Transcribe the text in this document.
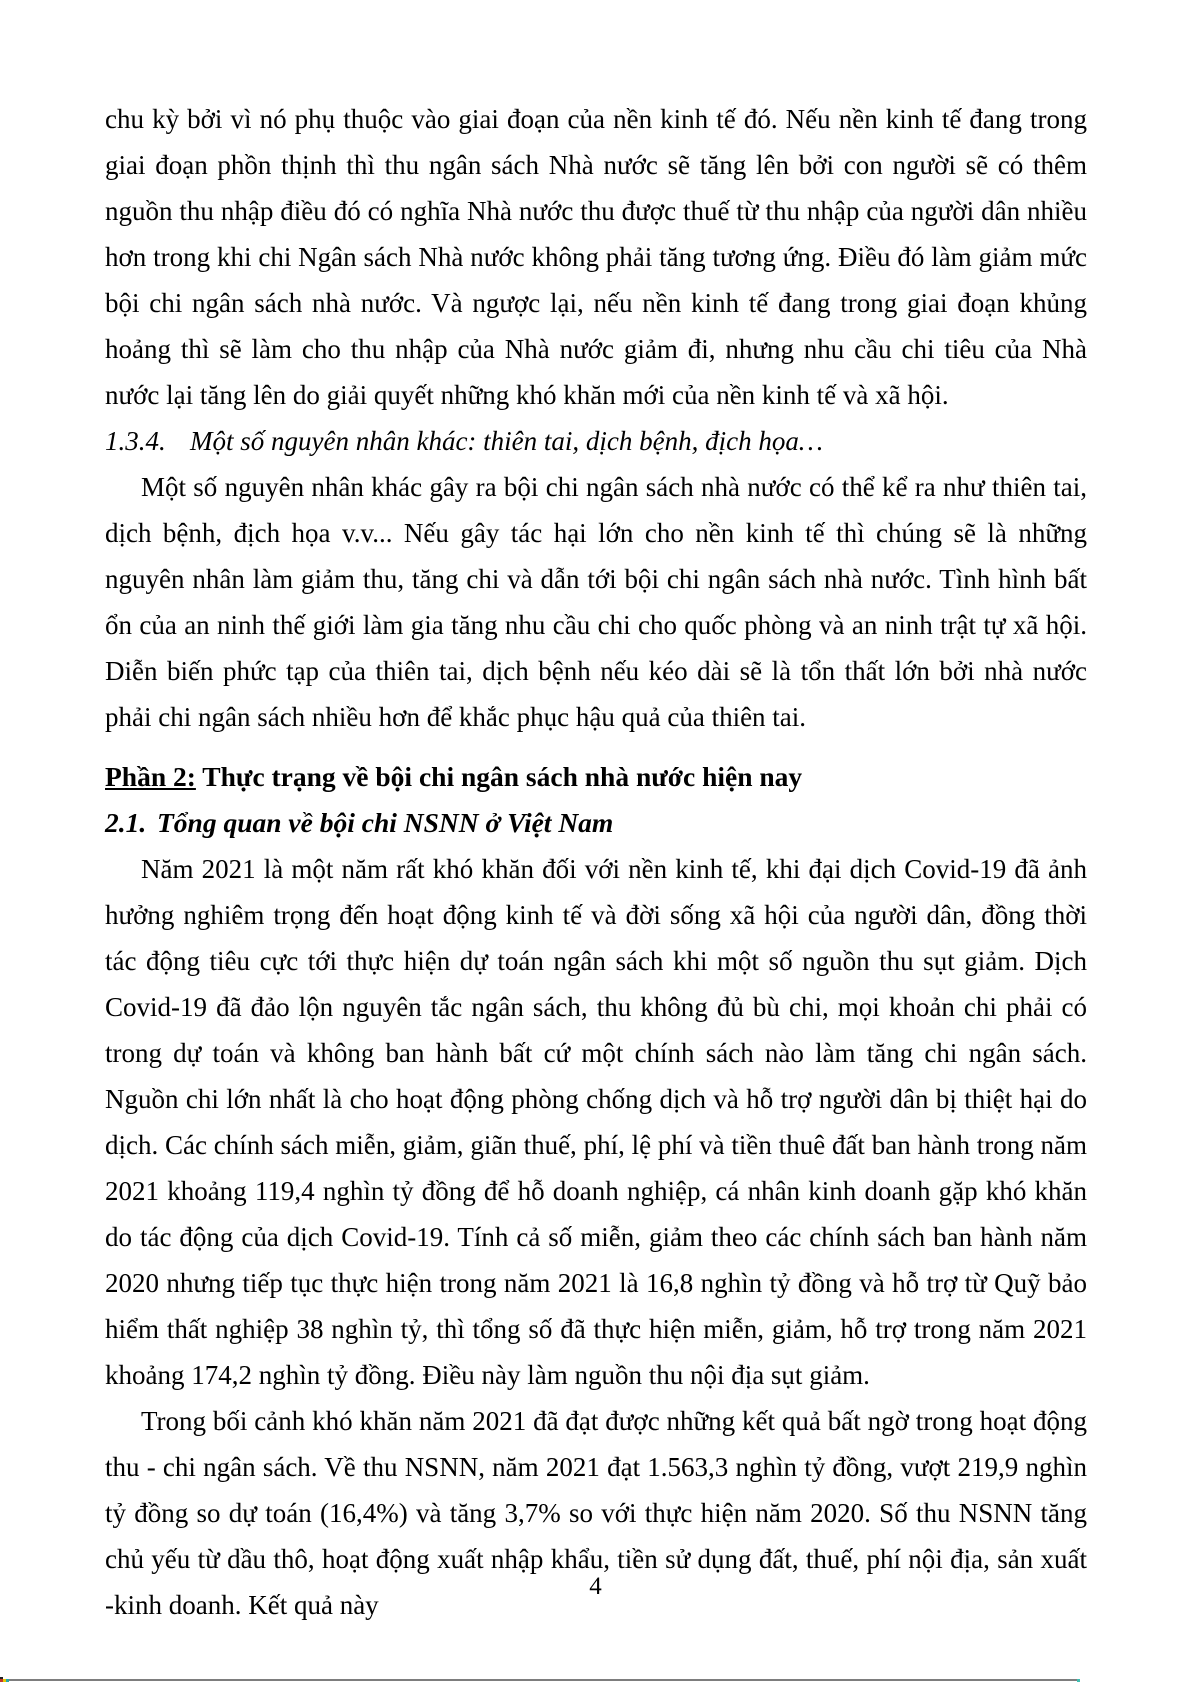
chu kỳ bởi vì nó phụ thuộc vào giai đoạn của nền kinh tế đó. Nếu nền kinh tế đang trong giai đoạn phồn thịnh thì thu ngân sách Nhà nước sẽ tăng lên bởi con người sẽ có thêm nguồn thu nhập điều đó có nghĩa Nhà nước thu được thuế từ thu nhập của người dân nhiều hơn trong khi chi Ngân sách Nhà nước không phải tăng tương ứng. Điều đó làm giảm mức bội chi ngân sách nhà nước. Và ngược lại, nếu nền kinh tế đang trong giai đoạn khủng hoảng thì sẽ làm cho thu nhập của Nhà nước giảm đi, nhưng nhu cầu chi tiêu của Nhà nước lại tăng lên do giải quyết những khó khăn mới của nền kinh tế và xã hội.

1.3.4. Một số nguyên nhân khác: thiên tai, dịch bệnh, địch họa…

Một số nguyên nhân khác gây ra bội chi ngân sách nhà nước có thể kể ra như thiên tai, dịch bệnh, địch họa v.v... Nếu gây tác hại lớn cho nền kinh tế thì chúng sẽ là những nguyên nhân làm giảm thu, tăng chi và dẫn tới bội chi ngân sách nhà nước. Tình hình bất ổn của an ninh thế giới làm gia tăng nhu cầu chi cho quốc phòng và an ninh trật tự xã hội. Diễn biến phức tạp của thiên tai, dịch bệnh nếu kéo dài sẽ là tổn thất lớn bởi nhà nước phải chi ngân sách nhiều hơn để khắc phục hậu quả của thiên tai.

Phần 2: Thực trạng về bội chi ngân sách nhà nước hiện nay
2.1. Tổng quan về bội chi NSNN ở Việt Nam

Năm 2021 là một năm rất khó khăn đối với nền kinh tế, khi đại dịch Covid-19 đã ảnh hưởng nghiêm trọng đến hoạt động kinh tế và đời sống xã hội của người dân, đồng thời tác động tiêu cực tới thực hiện dự toán ngân sách khi một số nguồn thu sụt giảm. Dịch Covid-19 đã đảo lộn nguyên tắc ngân sách, thu không đủ bù chi, mọi khoản chi phải có trong dự toán và không ban hành bất cứ một chính sách nào làm tăng chi ngân sách. Nguồn chi lớn nhất là cho hoạt động phòng chống dịch và hỗ trợ người dân bị thiệt hại do dịch. Các chính sách miễn, giảm, giãn thuế, phí, lệ phí và tiền thuê đất ban hành trong năm 2021 khoảng 119,4 nghìn tỷ đồng để hỗ doanh nghiệp, cá nhân kinh doanh gặp khó khăn do tác động của dịch Covid-19. Tính cả số miễn, giảm theo các chính sách ban hành năm 2020 nhưng tiếp tục thực hiện trong năm 2021 là 16,8 nghìn tỷ đồng và hỗ trợ từ Quỹ bảo hiểm thất nghiệp 38 nghìn tỷ, thì tổng số đã thực hiện miễn, giảm, hỗ trợ trong năm 2021 khoảng 174,2 nghìn tỷ đồng. Điều này làm nguồn thu nội địa sụt giảm.

Trong bối cảnh khó khăn năm 2021 đã đạt được những kết quả bất ngờ trong hoạt động thu - chi ngân sách. Về thu NSNN, năm 2021 đạt 1.563,3 nghìn tỷ đồng, vượt 219,9 nghìn tỷ đồng so dự toán (16,4%) và tăng 3,7% so với thực hiện năm 2020. Số thu NSNN tăng chủ yếu từ dầu thô, hoạt động xuất nhập khẩu, tiền sử dụng đất, thuế, phí nội địa, sản xuất -kinh doanh. Kết quả này

4
